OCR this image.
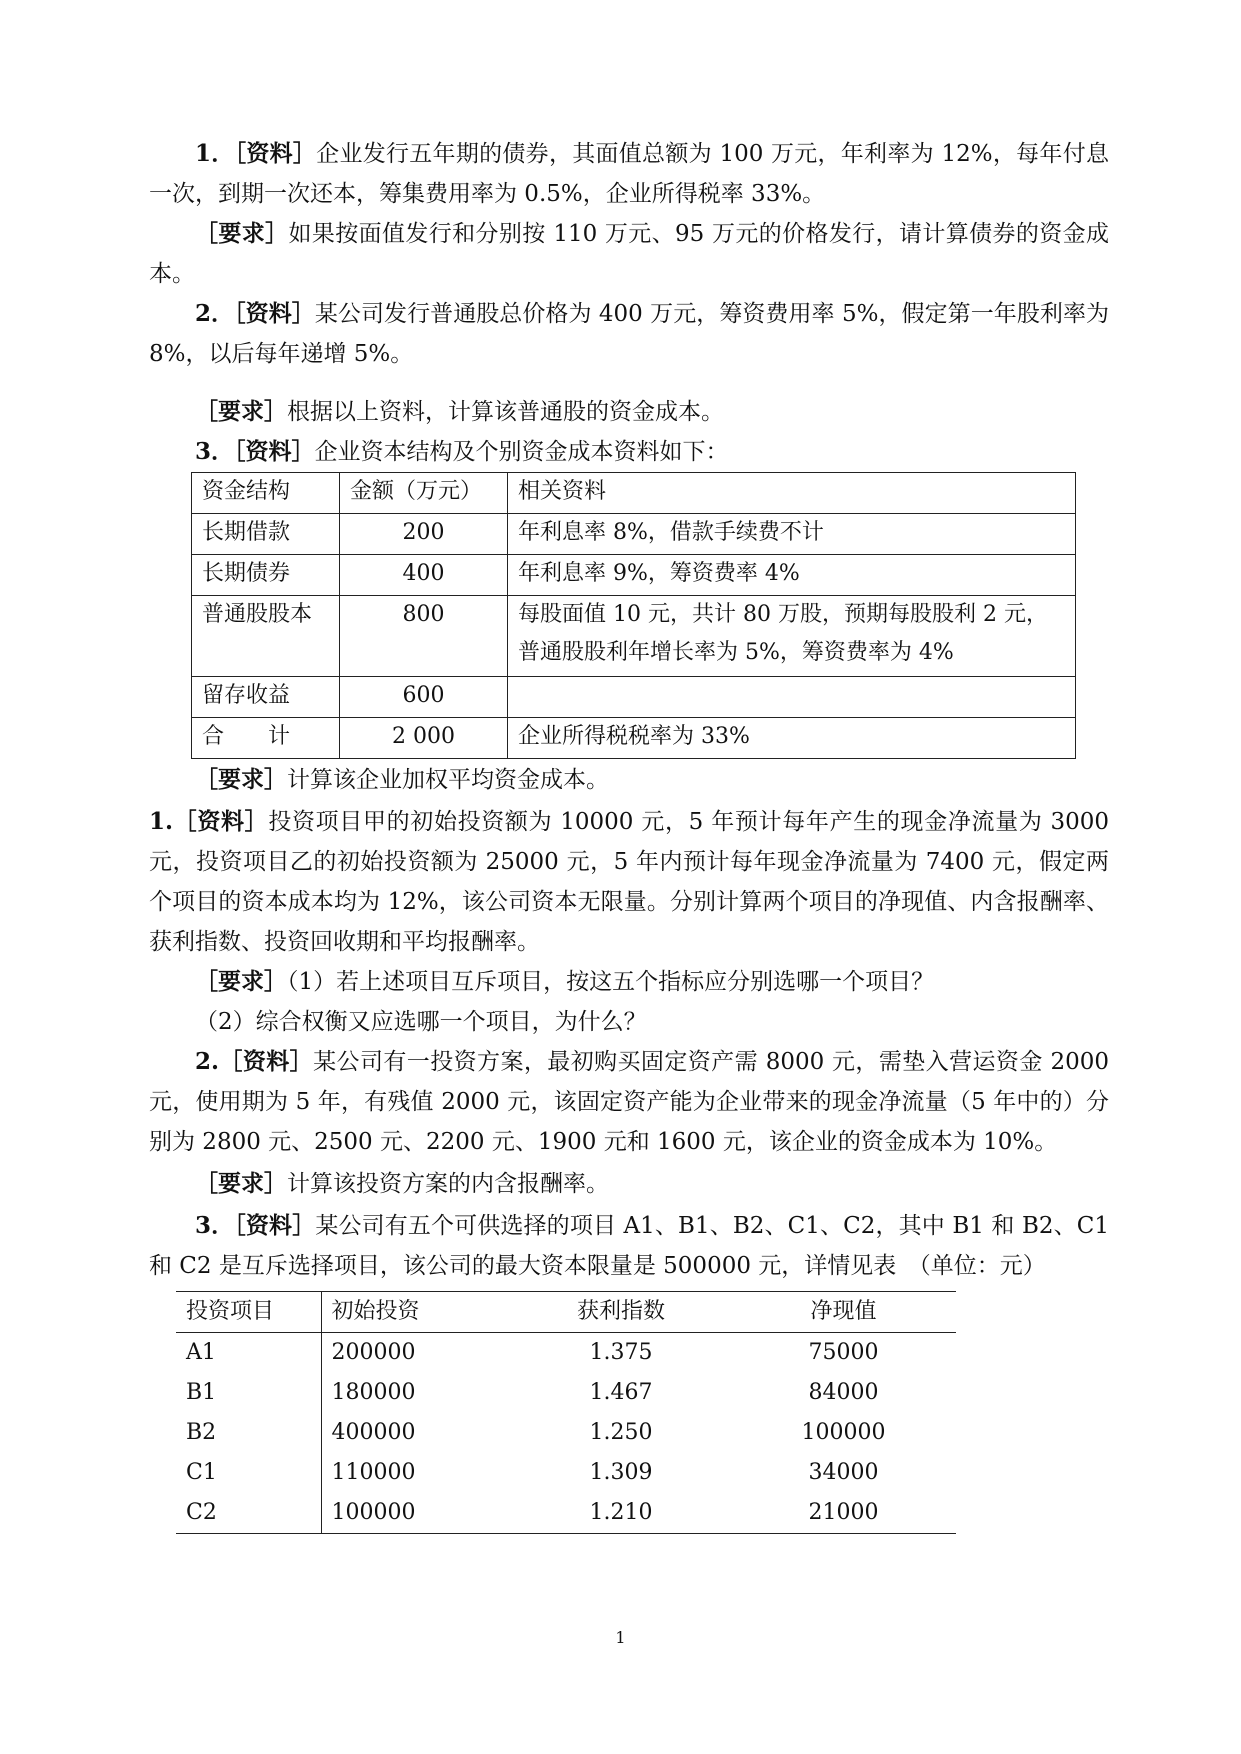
1．［资料］企业发行五年期的债券，其面值总额为 100 万元，年利率为 12%，每年付息一次，到期一次还本，筹集费用率为 0.5%，企业所得税率 33%。

［要求］如果按面值发行和分别按 110 万元、95 万元的价格发行，请计算债券的资金成本。

2．［资料］某公司发行普通股总价格为 400 万元，筹资费用率 5%，假定第一年股利率为 8%，以后每年递增 5%。

［要求］根据以上资料，计算该普通股的资金成本。

3．［资料］企业资本结构及个别资金成本资料如下：

资金结构	金额（万元）	相关资料
长期借款	200	年利息率 8%，借款手续费不计
长期债券	400	年利息率 9%，筹资费率 4%
普通股股本	800	每股面值 10 元，共计 80 万股，预期每股股利 2 元，普通股股利年增长率为 5%，筹资费率为 4%
留存收益	600	
合　　计	2 000	企业所得税税率为 33%

［要求］计算该企业加权平均资金成本。

1.［资料］投资项目甲的初始投资额为 10000 元，5 年预计每年产生的现金净流量为 3000 元，投资项目乙的初始投资额为 25000 元，5 年内预计每年现金净流量为 7400 元，假定两个项目的资本成本均为 12%，该公司资本无限量。分别计算两个项目的净现值、内含报酬率、获利指数、投资回收期和平均报酬率。

［要求］（1）若上述项目互斥项目，按这五个指标应分别选哪一个项目？

（2）综合权衡又应选哪一个项目，为什么？

2.［资料］某公司有一投资方案，最初购买固定资产需 8000 元，需垫入营运资金 2000 元，使用期为 5 年，有残值 2000 元，该固定资产能为企业带来的现金净流量（5 年中的）分别为 2800 元、2500 元、2200 元、1900 元和 1600 元，该企业的资金成本为 10%。

［要求］计算该投资方案的内含报酬率。

3．［资料］某公司有五个可供选择的项目 A1、B1、B2、C1、C2，其中 B1 和 B2、C1 和 C2 是互斥选择项目，该公司的最大资本限量是 500000 元，详情见表　（单位：元）

投资项目	初始投资	获利指数	净现值
A1	200000	1.375	75000
B1	180000	1.467	84000
B2	400000	1.250	100000
C1	110000	1.309	34000
C2	100000	1.210	21000
1
